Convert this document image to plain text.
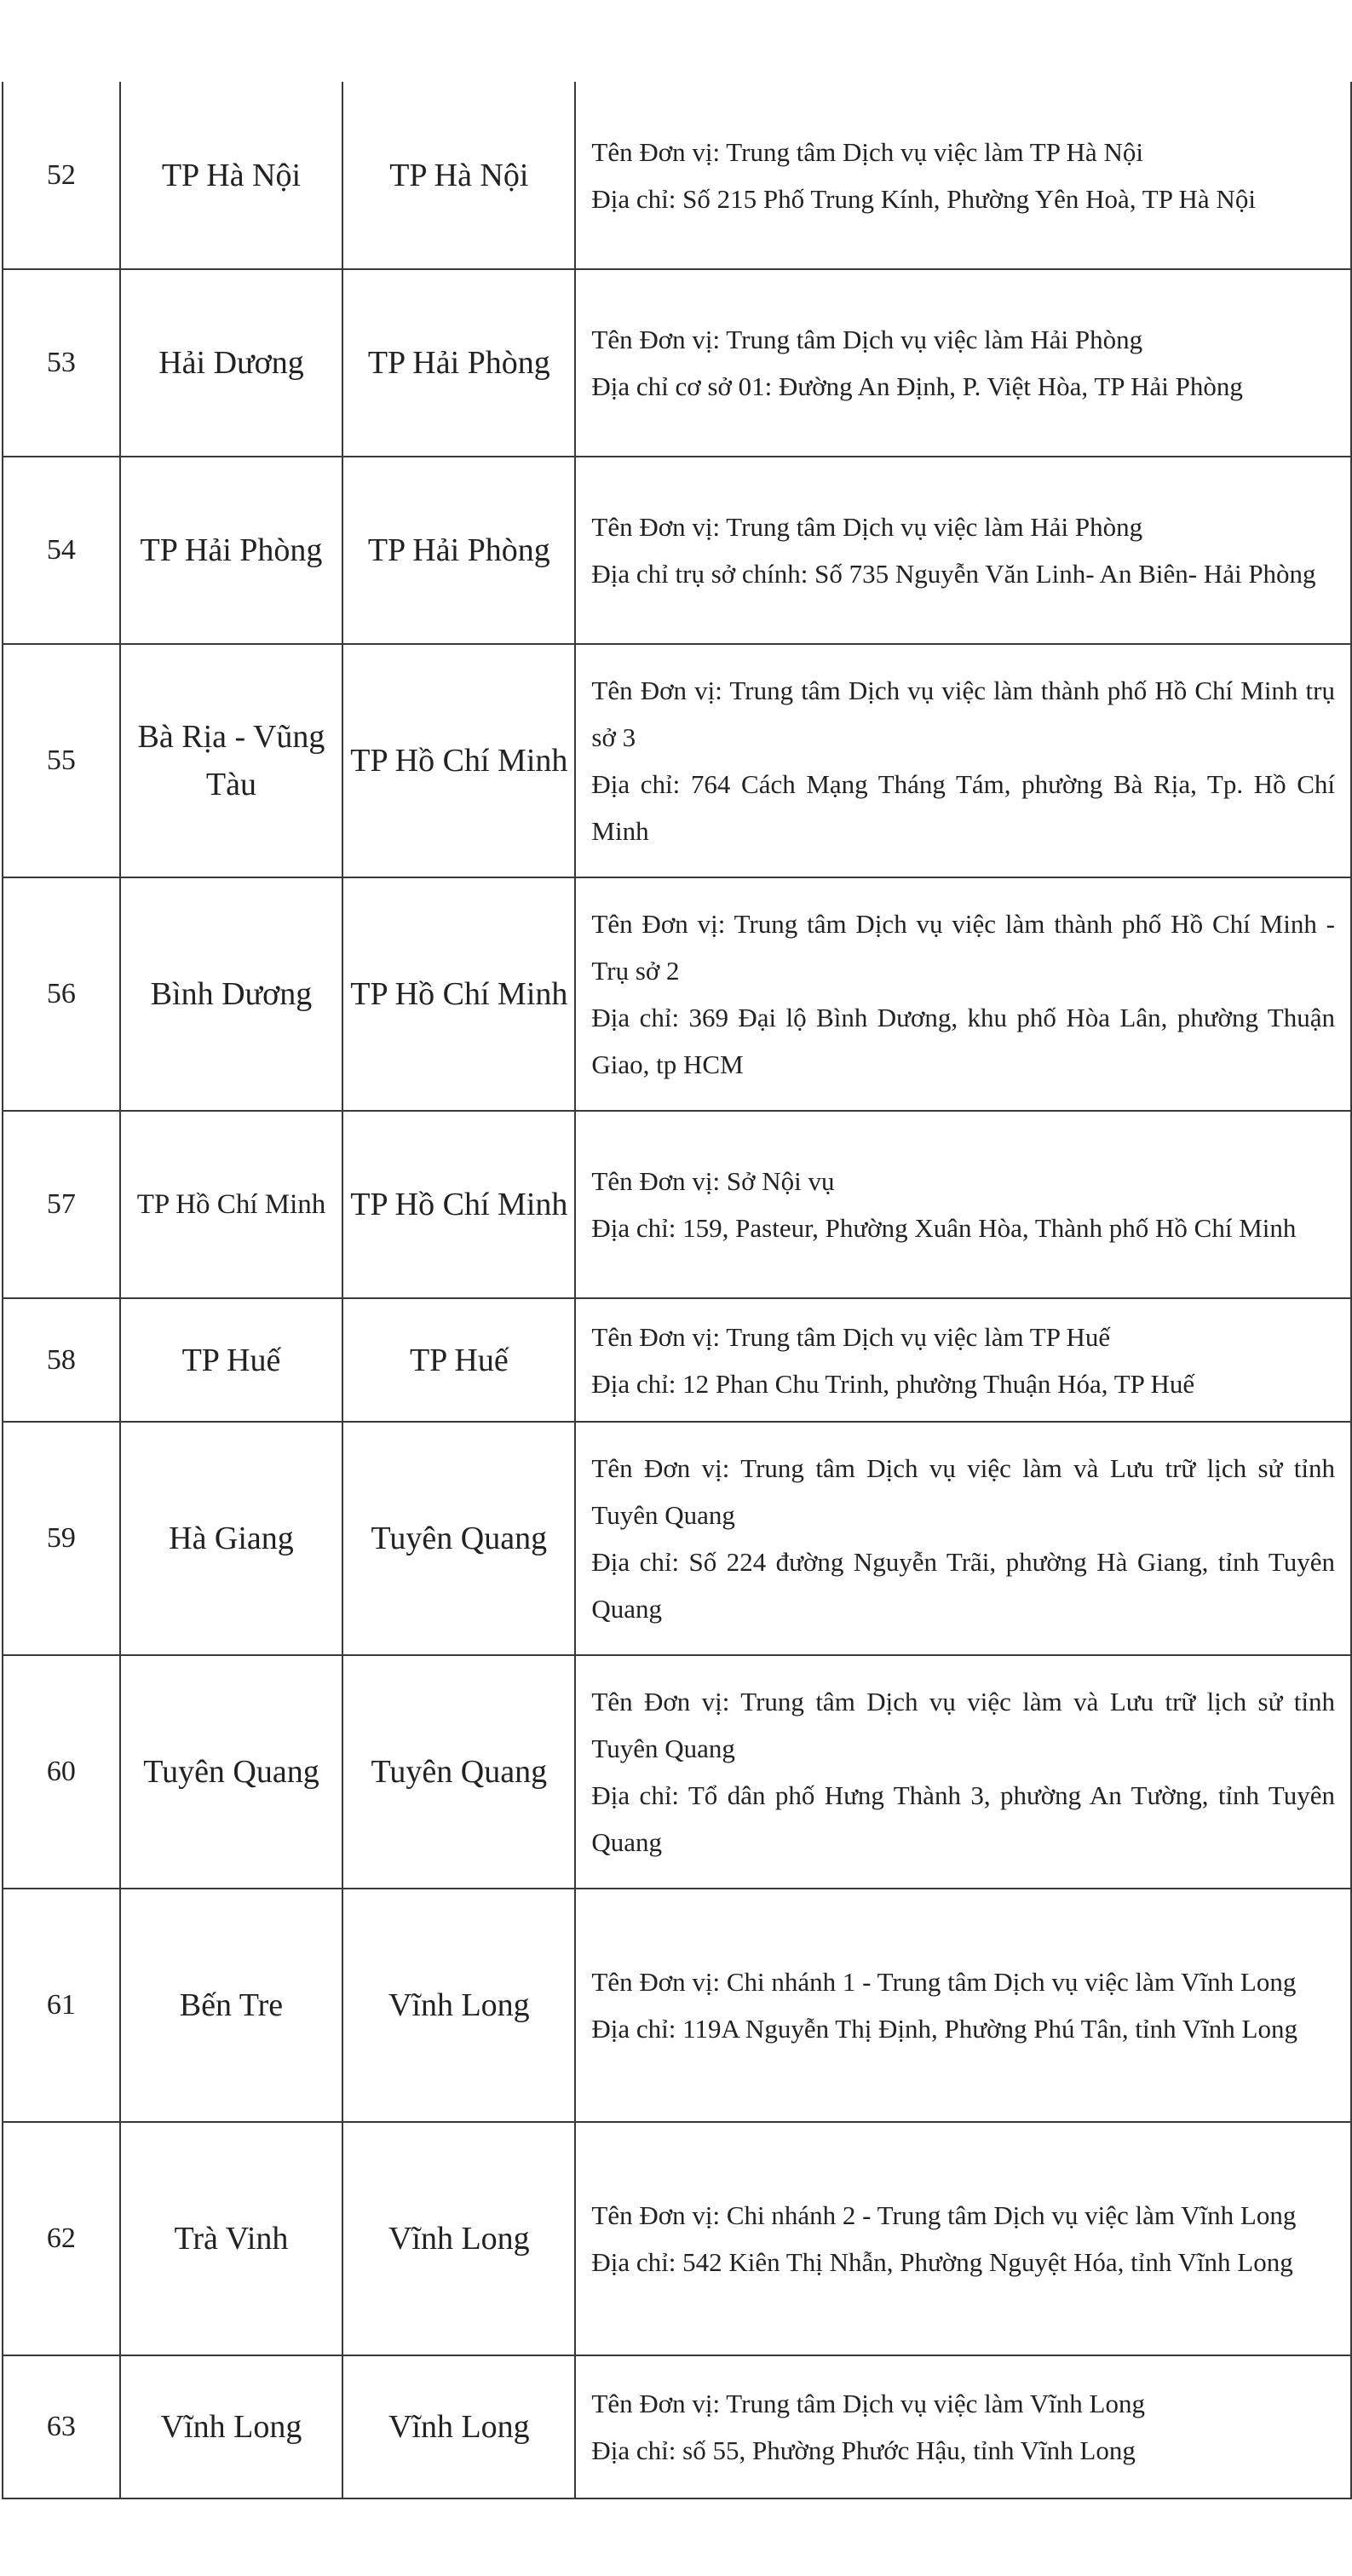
52	TP Hà Nội	TP Hà Nội	Tên Đơn vị: Trung tâm Dịch vụ việc làm TP Hà Nội
Địa chỉ: Số 215 Phố Trung Kính, Phường Yên Hoà, TP Hà Nội

53	Hải Dương	TP Hải Phòng	Tên Đơn vị: Trung tâm Dịch vụ việc làm Hải Phòng
Địa chỉ cơ sở 01: Đường An Định, P. Việt Hòa, TP Hải Phòng

54	TP Hải Phòng	TP Hải Phòng	Tên Đơn vị: Trung tâm Dịch vụ việc làm Hải Phòng
Địa chỉ trụ sở chính: Số 735 Nguyễn Văn Linh- An Biên- Hải Phòng

55	Bà Rịa - Vũng Tàu	TP Hồ Chí Minh	Tên Đơn vị: Trung tâm Dịch vụ việc làm thành phố Hồ Chí Minh trụ sở 3
Địa chỉ: 764 Cách Mạng Tháng Tám, phường Bà Rịa, Tp. Hồ Chí Minh

56	Bình Dương	TP Hồ Chí Minh	Tên Đơn vị: Trung tâm Dịch vụ việc làm thành phố Hồ Chí Minh - Trụ sở 2
Địa chỉ: 369 Đại lộ Bình Dương, khu phố Hòa Lân, phường Thuận Giao, tp HCM

57	TP Hồ Chí Minh	TP Hồ Chí Minh	Tên Đơn vị: Sở Nội vụ
Địa chỉ: 159, Pasteur, Phường Xuân Hòa, Thành phố Hồ Chí Minh

58	TP Huế	TP Huế	Tên Đơn vị: Trung tâm Dịch vụ việc làm TP Huế
Địa chỉ: 12 Phan Chu Trinh, phường Thuận Hóa, TP Huế

59	Hà Giang	Tuyên Quang	Tên Đơn vị: Trung tâm Dịch vụ việc làm và Lưu trữ lịch sử tỉnh Tuyên Quang
Địa chỉ: Số 224 đường Nguyễn Trãi, phường Hà Giang, tỉnh Tuyên Quang

60	Tuyên Quang	Tuyên Quang	Tên Đơn vị: Trung tâm Dịch vụ việc làm và Lưu trữ lịch sử tỉnh Tuyên Quang
Địa chỉ: Tổ dân phố Hưng Thành 3, phường An Tường, tỉnh Tuyên Quang

61	Bến Tre	Vĩnh Long	Tên Đơn vị: Chi nhánh 1 - Trung tâm Dịch vụ việc làm Vĩnh Long
Địa chỉ: 119A Nguyễn Thị Định, Phường Phú Tân, tỉnh Vĩnh Long

62	Trà Vinh	Vĩnh Long	Tên Đơn vị: Chi nhánh 2 - Trung tâm Dịch vụ việc làm Vĩnh Long
Địa chỉ: 542 Kiên Thị Nhẫn, Phường Nguyệt Hóa, tỉnh Vĩnh Long

63	Vĩnh Long	Vĩnh Long	Tên Đơn vị: Trung tâm Dịch vụ việc làm Vĩnh Long
Địa chỉ: số 55, Phường Phước Hậu, tỉnh Vĩnh Long
